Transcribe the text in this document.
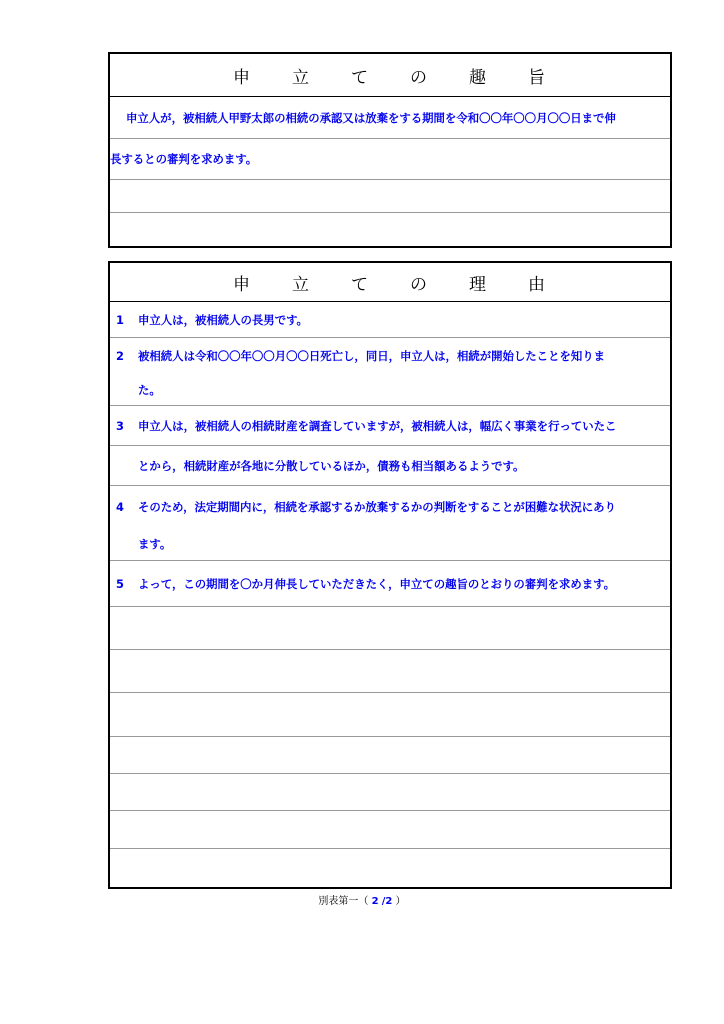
申 立 て の 趣 旨
申立人が，被相続人甲野太郎の相続の承認又は放棄をする期間を令和〇〇年〇〇月〇〇日まで伸
長するとの審判を求めます。
申 立 て の 理 由
1	申立人は，被相続人の長男です。
2	被相続人は令和〇〇年〇〇月〇〇日死亡し，同日，申立人は，相続が開始したことを知りま
た。
3	申立人は，被相続人の相続財産を調査していますが，被相続人は，幅広く事業を行っていたこ
とから，相続財産が各地に分散しているほか，債務も相当額あるようです。
4	そのため，法定期間内に，相続を承認するか放棄するかの判断をすることが困難な状況にあり
ます。
5	よって，この期間を〇か月伸長していただきたく，申立ての趣旨のとおりの審判を求めます。
別表第一（ 2 /2 ）
